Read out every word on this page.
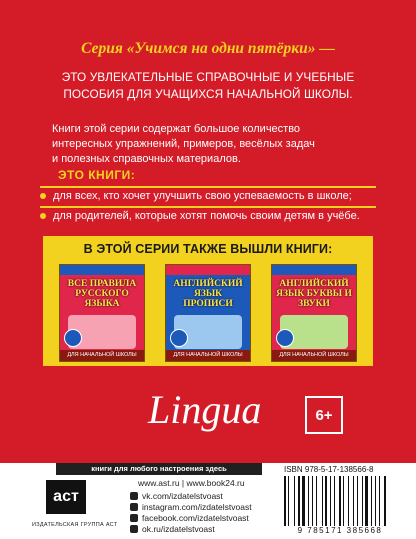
Серия «Учимся на одни пятёрки» —
ЭТО УВЛЕКАТЕЛЬНЫЕ СПРАВОЧНЫЕ И УЧЕБНЫЕ
ПОСОБИЯ ДЛЯ УЧАЩИХСЯ НАЧАЛЬНОЙ ШКОЛЫ.
Книги этой серии содержат большое количество
интересных упражнений, примеров, весёлых задач
и полезных справочных материалов.
ЭТО КНИГИ:
для всех, кто хочет улучшить свою успеваемость в школе;
для родителей, которые хотят помочь своим детям в учёбе.
В ЭТОЙ СЕРИИ ТАКЖЕ ВЫШЛИ КНИГИ:
ВСЕ ПРАВИЛА РУССКОГО ЯЗЫКА
ДЛЯ НАЧАЛЬНОЙ ШКОЛЫ
АНГЛИЙСКИЙ ЯЗЫК ПРОПИСИ
ДЛЯ НАЧАЛЬНОЙ ШКОЛЫ
АНГЛИЙСКИЙ ЯЗЫК БУКВЫ И ЗВУКИ
ДЛЯ НАЧАЛЬНОЙ ШКОЛЫ
Lingua	6+
книги для любого настроения здесь
www.ast.ru | www.book24.ru
vk.com/izdatelstvoast
instagram.com/izdatelstvoast
facebook.com/izdatelstvoast
ok.ru/izdatelstvoast
аст
ИЗДАТЕЛЬСКАЯ ГРУППА АСТ
ISBN 978-5-17-138566-8
9 785171 385668
